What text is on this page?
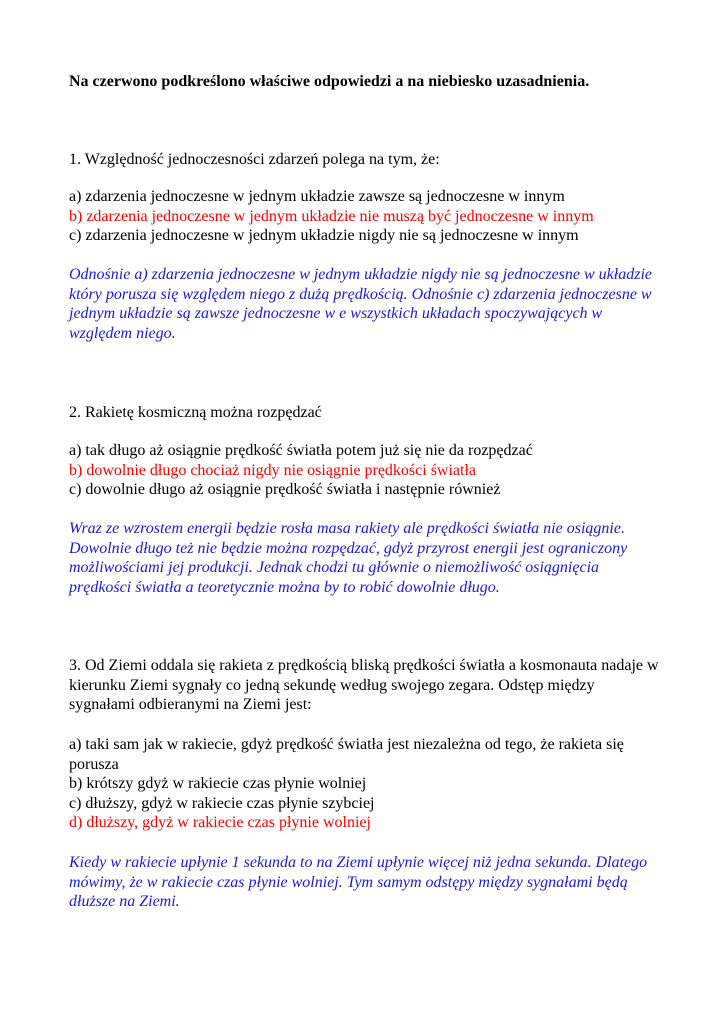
Na czerwono podkreślono właściwe odpowiedzi a na niebiesko uzasadnienia.
1. Względność jednoczesności zdarzeń polega na tym, że:
a) zdarzenia jednoczesne w jednym układzie zawsze są jednoczesne w innym
b) zdarzenia jednoczesne w jednym układzie nie muszą być jednoczesne w innym
c) zdarzenia jednoczesne w jednym układzie nigdy nie są jednoczesne w innym
Odnośnie a) zdarzenia jednoczesne w jednym układzie nigdy nie są jednoczesne w układzie który porusza się względem niego z dużą prędkością. Odnośnie c) zdarzenia jednoczesne w jednym układzie są zawsze jednoczesne w e wszystkich układach spoczywających w względem niego.
2. Rakietę kosmiczną można rozpędzać
a) tak długo aż osiągnie prędkość światła potem już się nie da rozpędzać
b) dowolnie długo chociaż nigdy nie osiągnie prędkości światła
c) dowolnie długo aż osiągnie prędkość światła i następnie również
Wraz ze wzrostem energii będzie rosła masa rakiety ale prędkości światła nie osiągnie. Dowolnie długo też nie będzie można rozpędzać, gdyż przyrost energii jest ograniczony możliwościami jej produkcji. Jednak chodzi tu głównie o niemożliwość osiągnięcia prędkości światła a teoretycznie można by to robić dowolnie długo.
3. Od Ziemi oddala się rakieta z prędkością bliską prędkości światła a kosmonauta nadaje w kierunku Ziemi sygnały co jedną sekundę według swojego zegara. Odstęp między sygnałami odbieranymi na Ziemi jest:
a) taki sam jak w rakiecie, gdyż prędkość światła jest niezależna od tego, że rakieta się porusza
b) krótszy gdyż w rakiecie czas płynie wolniej
c) dłuższy, gdyż w rakiecie czas płynie szybciej
d) dłuższy, gdyż w rakiecie czas płynie wolniej
Kiedy w rakiecie upłynie 1 sekunda to na Ziemi upłynie więcej niż jedna sekunda. Dlatego mówimy, że w rakiecie czas płynie wolniej. Tym samym odstępy między sygnałami będą dłuższe na Ziemi.
